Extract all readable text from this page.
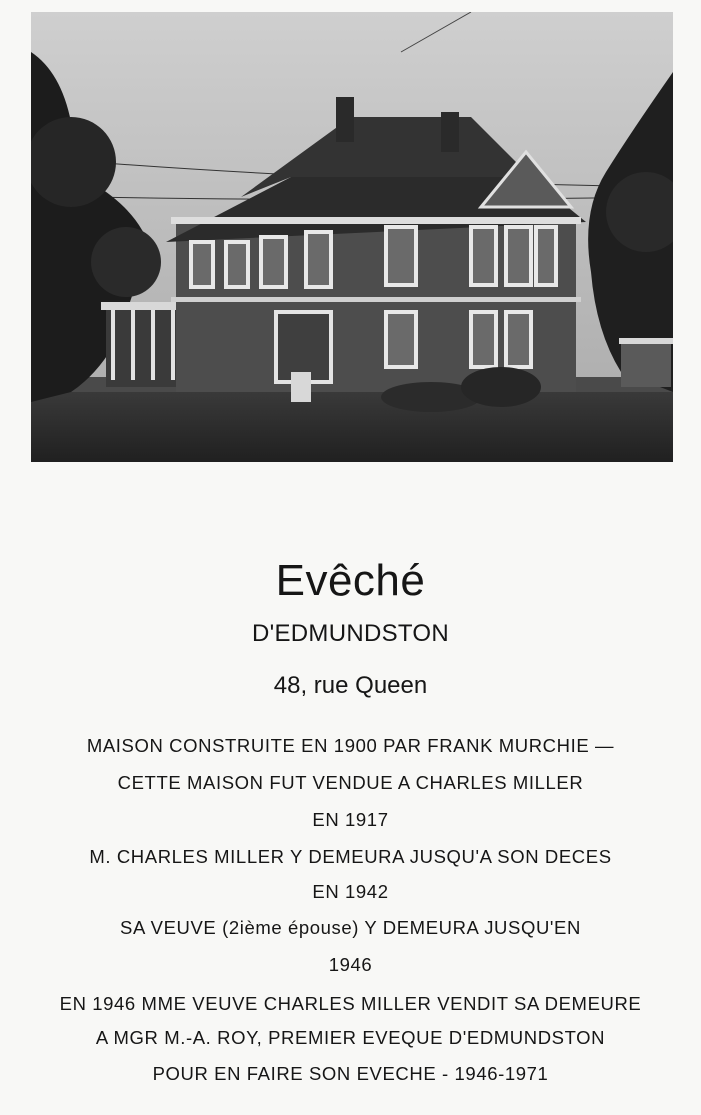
Evêché
D'EDMUNDSTON
48, rue Queen
MAISON CONSTRUITE EN 1900 PAR FRANK MURCHIE —
CETTE MAISON FUT VENDUE A CHARLES MILLER
EN 1917
M. CHARLES MILLER Y DEMEURA JUSQU'A SON DECES
EN 1942
SA VEUVE (2ième épouse) Y DEMEURA JUSQU'EN
1946
EN 1946 MME VEUVE CHARLES MILLER VENDIT SA DEMEURE
A MGR M.-A. ROY, PREMIER EVEQUE D'EDMUNDSTON
POUR EN FAIRE SON EVECHE - 1946-1971
